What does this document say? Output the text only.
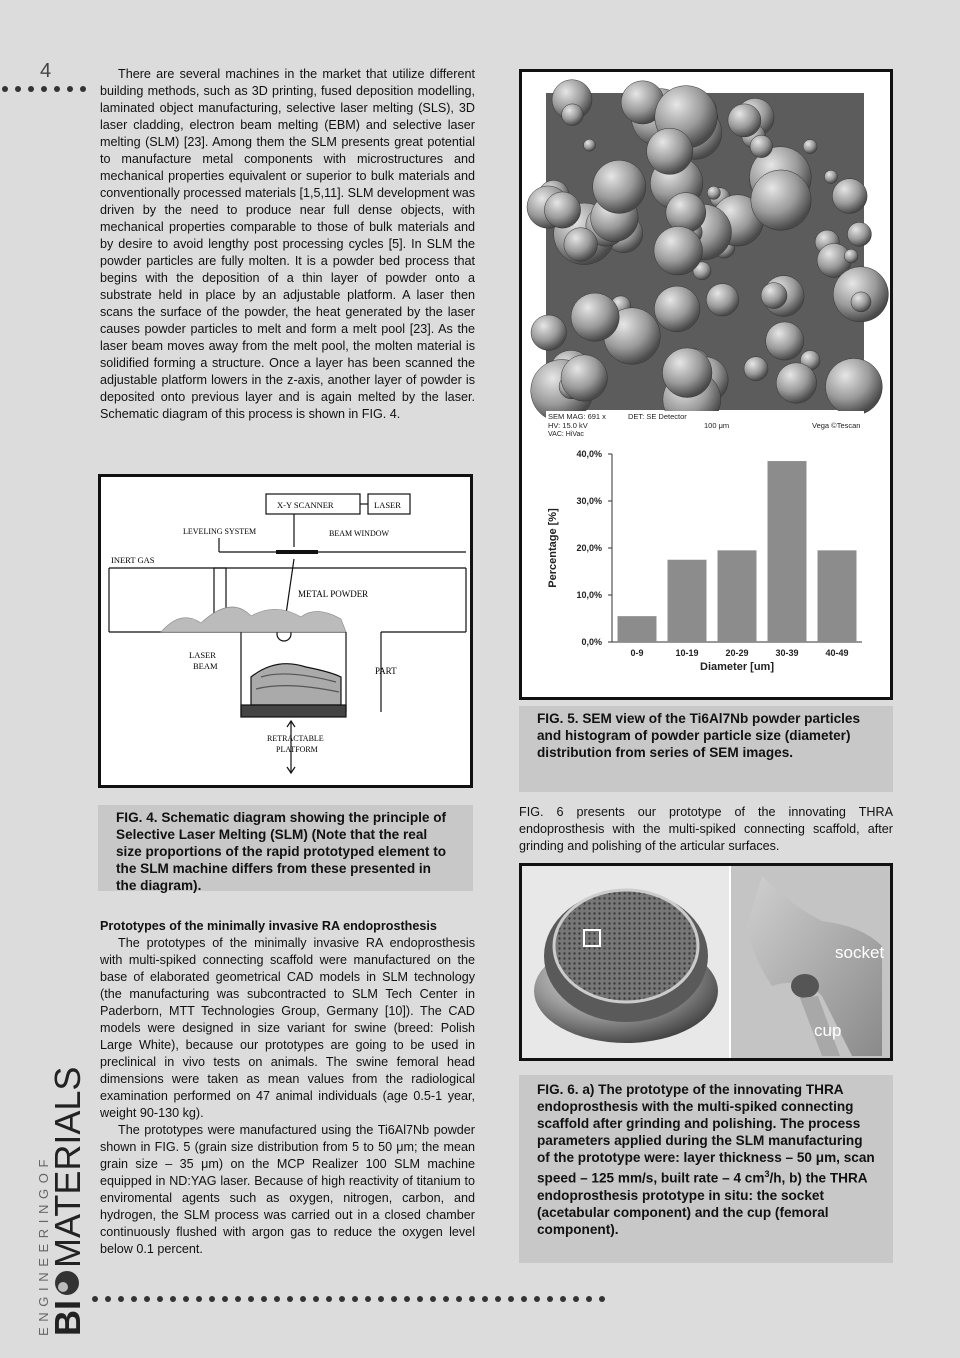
4	There are several machines in the market that utilize different building methods, such as 3D printing, fused deposition modelling, laminated object manufacturing, selective laser melting (SLS), 3D laser cladding, electron beam melting (EBM) and selective laser melting (SLM) [23]. Among them the SLM presents great potential to manufacture metal components with microstructures and mechanical properties equivalent or superior to bulk materials and conventionally processed materials [1,5,11]. SLM development was driven by the need to produce near full dense objects, with mechanical properties comparable to those of bulk materials and by desire to avoid lengthy post processing cycles [5]. In SLM the powder particles are fully molten. It is a powder bed process that begins with the deposition of a thin layer of powder onto a substrate held in place by an adjustable platform. A laser then scans the surface of the powder, the heat generated by the laser causes powder particles to melt and form a melt pool [23]. As the laser beam moves away from the melt pool, the molten material is solidified forming a structure. Once a layer has been scanned the adjustable platform lowers in the z-axis, another layer of powder is deposited onto previous layer and is again melted by the laser. Schematic diagram of this process is shown in FIG. 4.

X-Y SCANNER	LASER
LEVELING SYSTEM	BEAM WINDOW
INERT GAS
METAL POWDER
LASER
BEAM	PART
RETRACTABLE
PLATFORM
FIG. 4. Schematic diagram showing the principle of Selective Laser Melting (SLM) (Note that the real size proportions of the rapid prototyped element to the SLM machine differs from these presented in the diagram).
SEM MAG: 691 x	DET: SE Detector
HV: 15.0 kV	100 μm	Vega ©Tescan
VAC: HiVac
0,0%
10,0%
20,0%
30,0%
40,0%
0-9	10-19	20-29	30-39	40-49
Diameter [um]
Percentage [%]
FIG. 5. SEM view of the Ti6Al7Nb powder particles and histogram of powder particle size (diameter) distribution from series of SEM images.
FIG. 6 presents our prototype of the innovating THRA endoprosthesis with the multi-spiked connecting scaffold, after grinding and polishing of the articular surfaces.
socket
cup
FIG. 6. a) The prototype of the innovating THRA endoprosthesis with the multi-spiked connecting scaffold after grinding and polishing. The process parameters applied during the SLM manufacturing of the prototype were: layer thickness – 50 μm, scan speed – 125 mm/s, built rate – 4 $cm^3/h$, b) the THRA endoprosthesis prototype in situ: the socket (acetabular component) and the cup (femoral component).

Prototypes of the minimally invasive RA endoprosthesis

The prototypes of the minimally invasive RA endoprosthesis with multi-spiked connecting scaffold were manufactured on the base of elaborated geometrical CAD models in SLM technology (the manufacturing was subcontracted to SLM Tech Center in Paderborn, MTT Technologies Group, Germany [10]). The CAD models were designed in size variant for swine (breed: Polish Large White), because our prototypes are going to be used in preclinical in vivo tests on animals. The swine femoral head dimensions were taken as mean values from the radiological examination performed on 47 animal individuals (age 0.5-1 year, weight 90-130 kg).

The prototypes were manufactured using the Ti6Al7Nb powder shown in FIG. 5 (grain size distribution from 5 to 50 μm; the mean grain size – 35 μm) on the MCP Realizer 100 SLM machine equipped in ND:YAG laser. Because of high reactivity of titanium to enviromental agents such as oxygen, nitrogen, carbon, and hydrogen, the SLM process was carried out in a closed chamber continuously flushed with argon gas to reduce the oxygen level below 0.1 percent.

E N G I N E E R I N G O F
BI
MATERIALS
